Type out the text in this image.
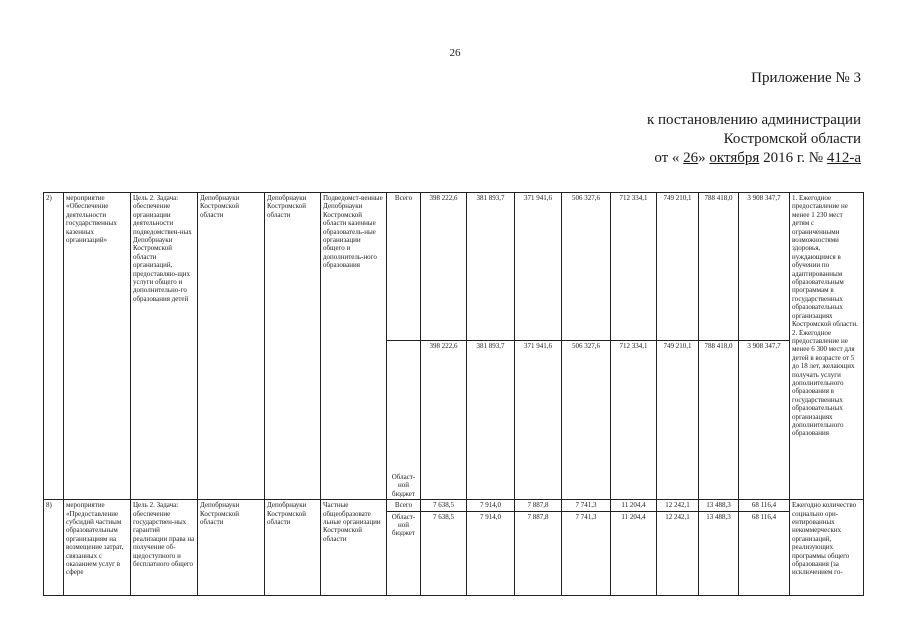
26
Приложение № 3
к постановлению администрации
Костромской области
от « 26» октября 2016 г. № 412-а
2)	мероприятие «Обеспечение деятельности государственных казенных организаций»	Цель 2. Задача: обеспечение организации деятельности подведомствен-ных Депобрнауки Костромской области организаций, предоставляю-щих услуги общего и дополнительно-го образования детей	Депобрнауки Костромской области	Депобрнауки Костромской области	Подведомст-венные Депобрнауки Костромской области казенные образователь-ные организации общего и дополнитель-ного образования	Всего	398 222,6	381 893,7	371 941,6	506 327,6	712 334,1	749 210,1	788 418,0	3 908 347,7	1. Ежегодное предоставление не менее 1 230 мест детям с ограниченными возможностями здоровья, нуждающимся в обучении по адаптированным образовательным программам в государственных образовательных организациях Костромской области. 2. Ежегодное предоставление не менее 6 300 мест для детей в возрасте от 5 до 18 лет, желающих получать услуги дополнительного образования в государственных образовательных организациях дополнительного образования
						Област-ной бюджет	398 222,6	381 893,7	371 941,6	506 327,6	712 334,1	749 210,1	788 418,0	3 908 347,7	
8)	мероприятие «Предоставление субсидий частным образовательным организациям на возмещение затрат, связанных с оказанием услуг в сфере	Цель 2. Задача: обеспечение государствен-ных гарантий реализации права на получение об-щедоступного и бесплатного общего	Депобрнауки Костромской области	Депобрнауки Костромской области	Частные общеобразовате льные организации Костромской области	Всего	7 638,5	7 914,0	7 887,8	7 741,3	11 204,4	12 242,1	13 488,3	68 116,4	Ежегодно количество социально ори-ентированных некоммерческих организаций, реализующих программы общего образования (за исключением го-
						Област-ной бюджет	7 638,5	7 914,0	7 887,8	7 741,3	11 204,4	12 242,1	13 488,3	68 116,4	
